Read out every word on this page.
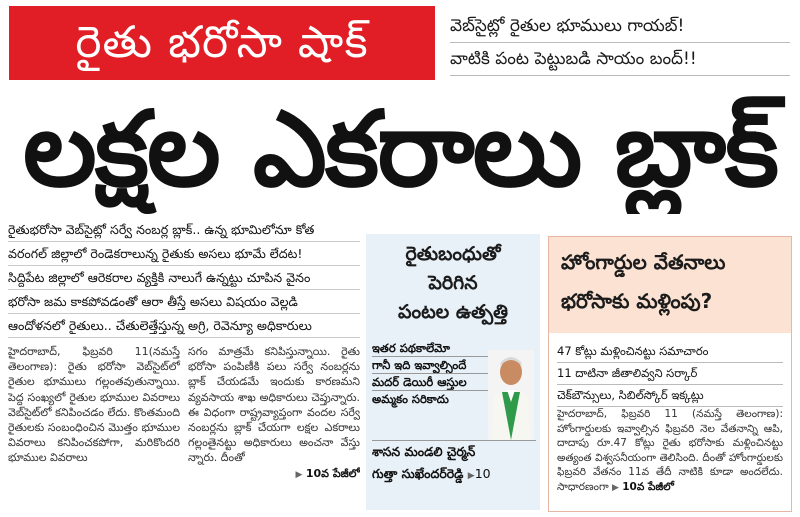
రైతు భరోసా షాక్	వెబ్‌సైట్లో రైతుల భూములు గాయబ్!
వాటికి పంట పెట్టుబడి సాయం బంద్!!
లక్షల ఎకరాలు బ్లాక్
రైతుభరోసా వెబ్‌సైట్లో సర్వే నంబర్ల బ్లాక్.. ఉన్న భూమిలోనూ కోత
వరంగల్ జిల్లాలో రెండెకరాలున్న రైతుకు అసలు భూమే లేదట!
సిద్దిపేట జిల్లాలో ఆరెకరాల వ్యక్తికి నాలుగే ఉన్నట్టు చూపిన వైనం
భరోసా జమ కాకపోవడంతో ఆరా తీస్తే అసలు విషయం వెల్లడి
ఆందోళనలో రైతులు.. చేతులెత్తేస్తున్న అగ్రి, రెవెన్యూ అధికారులు
హైదరాబాద్, ఫిబ్రవరి 11(నమస్తే తెలంగాణ): రైతు భరోసా వెబ్‌సైట్‌లో రైతుల భూములు గల్లంతవుతున్నాయి. పెద్ద సంఖ్యలో రైతుల భూముల వివరాలు వెబ్‌సైట్‌లో కనిపించడం లేదు. కొంతమంది రైతులకు సంబంధించిన మొత్తం భూముల వివరాలు కనిపించకపోగా, మరికొందరి భూముల వివరాలు
సగం మాత్రమే కనిపిస్తున్నాయి. రైతు భరోసా పంపిణీకి పలు సర్వే నంబర్లను బ్లాక్ చేయడమే ఇందుకు కారణమని వ్యవసాయ శాఖ అధికారులు చెప్తున్నారు. ఈ విధంగా రాష్ట్రవ్యాప్తంగా వందల సర్వే నంబర్లను బ్లాక్ చేయగా లక్షల ఎకరాలు గల్లంతైనట్టు అధికారులు అంచనా వేస్తు న్నారు. దీంతో
▶ 10వ పేజీలో
రైతుబంధుతో
పెరిగిన
పంటల ఉత్పత్తి
ఇతర పథకాలేమో
గానీ ఇది ఇవ్వాల్సిందే
మదర్ డెయిరీ ఆస్తుల
అమ్మకం సరికాదు
శాసన మండలి చైర్మన్
గుత్తా సుఖేందర్‌రెడ్డి ▶10
హోంగార్డుల వేతనాలు
భరోసాకు మళ్లింపు?
47 కోట్లు మళ్లించినట్టు సమాచారం
11 దాటినా జీతాలివ్వని సర్కార్
చెక్‌బౌన్సులు, సిబిల్‌స్కోర్ ఇక్కట్లు
హైదరాబాద్, ఫిబ్రవరి 11 (నమస్తే తెలంగాణ): హోంగార్డులకు ఇవ్వాల్సిన ఫిబ్రవరి నెల వేతనాన్ని ఆపి, దాదాపు రూ.47 కోట్లు రైతు భరోసాకు మళ్లించినట్టు అత్యంత విశ్వసనీయంగా తెలిసింది. దీంతో హోంగార్డులకు ఫిబ్రవరి వేతనం 11వ తేదీ నాటికి కూడా అందలేదు. సాధారణంగా ▶ 10వ పేజీలో
